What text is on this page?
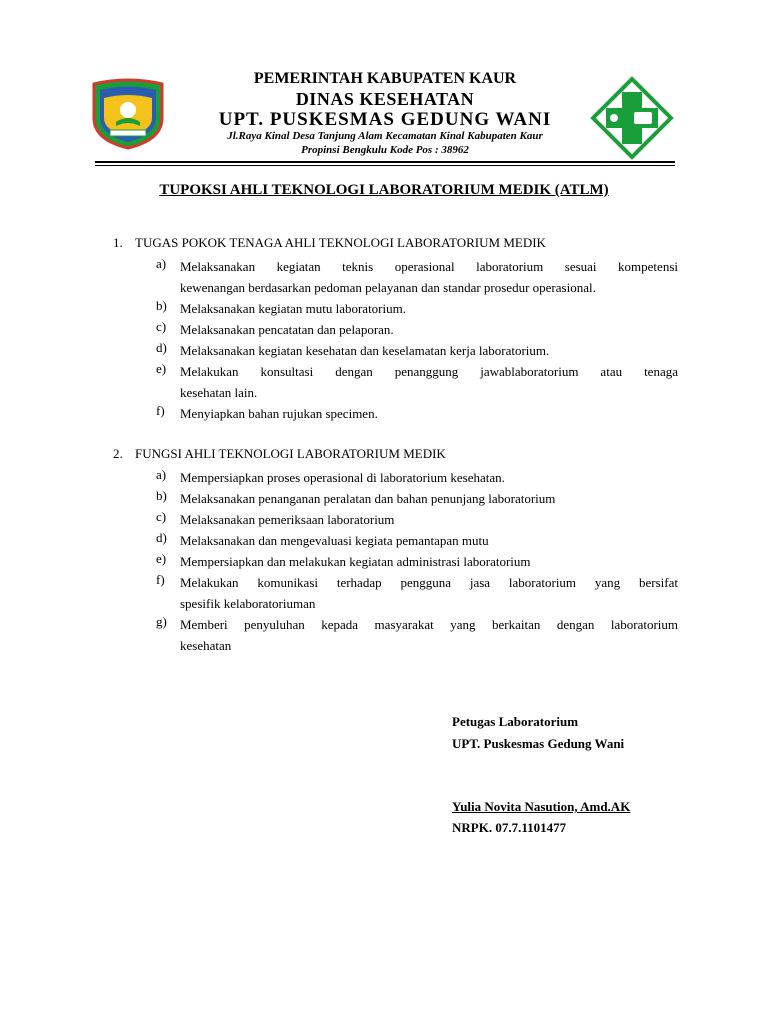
PEMERINTAH KABUPATEN KAUR
DINAS KESEHATAN
UPT. PUSKESMAS GEDUNG WANI
Jl.Raya Kinal Desa Tanjung Alam Kecamatan Kinal Kabupaten Kaur
Propinsi Bengkulu Kode Pos : 38962
TUPOKSI AHLI TEKNOLOGI LABORATORIUM MEDIK (ATLM)
1. TUGAS POKOK TENAGA AHLI TEKNOLOGI LABORATORIUM MEDIK
a) Melaksanakan kegiatan teknis operasional laboratorium sesuai kompetensi
kewenangan berdasarkan pedoman pelayanan dan standar prosedur operasional.
b) Melaksanakan kegiatan mutu laboratorium.
c) Melaksanakan pencatatan dan pelaporan.
d) Melaksanakan kegiatan kesehatan dan keselamatan kerja laboratorium.
e) Melakukan konsultasi dengan penanggung jawablaboratorium atau tenaga
kesehatan lain.
f) Menyiapkan bahan rujukan specimen.
2. FUNGSI AHLI TEKNOLOGI LABORATORIUM MEDIK
a) Mempersiapkan proses operasional di laboratorium kesehatan.
b) Melaksanakan penanganan peralatan dan bahan penunjang laboratorium
c) Melaksanakan pemeriksaan laboratorium
d) Melaksanakan dan mengevaluasi kegiata pemantapan mutu
e) Mempersiapkan dan melakukan kegiatan administrasi laboratorium
f) Melakukan komunikasi terhadap pengguna jasa laboratorium yang bersifat
spesifik kelaboratoriuman
g) Memberi penyuluhan kepada masyarakat yang berkaitan dengan laboratorium
kesehatan
Petugas Laboratorium
UPT. Puskesmas Gedung Wani
Yulia Novita Nasution, Amd.AK
NRPK. 07.7.1101477
